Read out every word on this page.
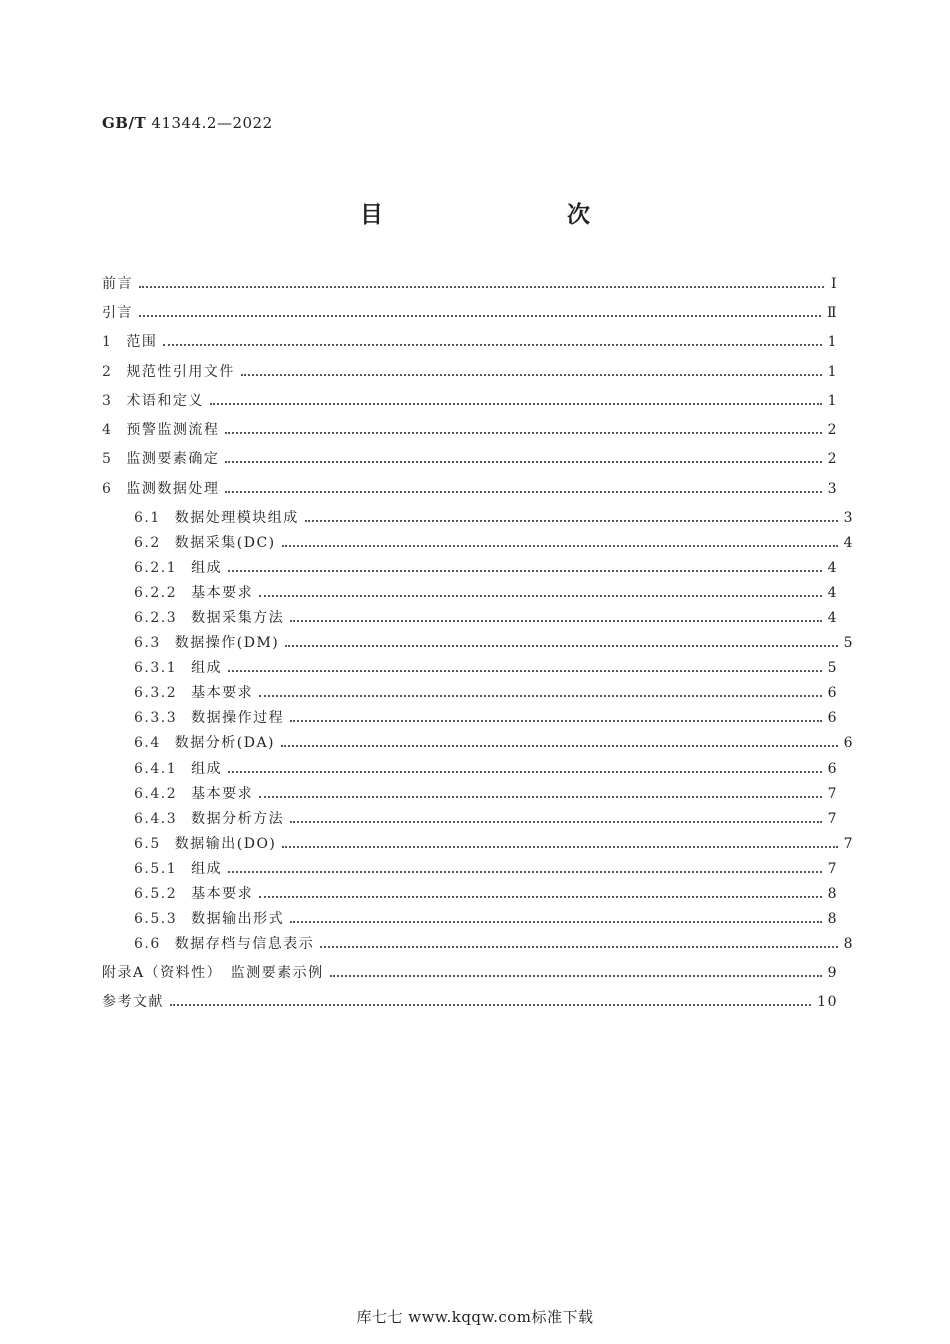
GB/T 41344.2—2022
目　　次
前言	Ⅰ
引言	Ⅱ
1 范围	1
2 规范性引用文件	1
3 术语和定义	1
4 预警监测流程	2
5 监测要素确定	2
6 监测数据处理	3
6.1 数据处理模块组成	3
6.2 数据采集(DC)	4
6.2.1 组成	4
6.2.2 基本要求	4
6.2.3 数据采集方法	4
6.3 数据操作(DM)	5
6.3.1 组成	5
6.3.2 基本要求	6
6.3.3 数据操作过程	6
6.4 数据分析(DA)	6
6.4.1 组成	6
6.4.2 基本要求	7
6.4.3 数据分析方法	7
6.5 数据输出(DO)	7
6.5.1 组成	7
6.5.2 基本要求	8
6.5.3 数据输出形式	8
6.6 数据存档与信息表示	8
附录A（资料性）　监测要素示例	9
参考文献	10
库七七 www.kqqw.com标准下载
